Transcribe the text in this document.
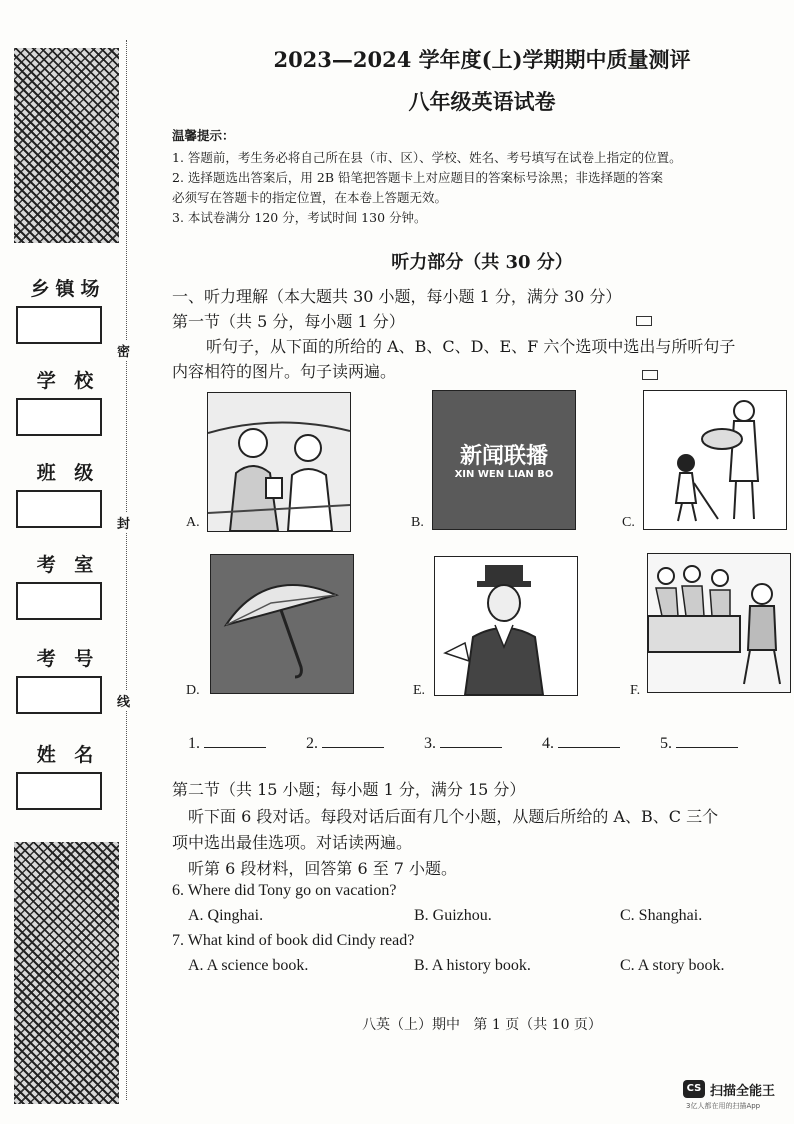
乡镇场
学 校
班 级
考 室
考 号
姓 名
密
封
线
2023—2024 学年度(上)学期期中质量测评
八年级英语试卷
温馨提示：
1. 答题前，考生务必将自己所在县（市、区）、学校、姓名、考号填写在试卷上指定的位置。
2. 选择题选出答案后，用 2B 铅笔把答题卡上对应题目的答案标号涂黑；非选择题的答案
必须写在答题卡的指定位置，在本卷上答题无效。
3. 本试卷满分 120 分，考试时间 130 分钟。
听力部分（共 30 分）
一、听力理解（本大题共 30 小题，每小题 1 分，满分 30 分）
第一节（共 5 分，每小题 1 分）
听句子，从下面的所给的 A、B、C、D、E、F 六个选项中选出与所听句子
内容相符的图片。句子读两遍。
A.	B.
新闻联播
XIN WEN LIAN BO
C.
D.	E.	F.
1.	2.	3.	4.	5.
第二节（共 15 小题；每小题 1 分，满分 15 分）
听下面 6 段对话。每段对话后面有几个小题，从题后所给的 A、B、C 三个
项中选出最佳选项。对话读两遍。
听第 6 段材料，回答第 6 至 7 小题。
6. Where did Tony go on vacation?
A. Qinghai.	B. Guizhou.	C. Shanghai.
7. What kind of book did Cindy read?
A. A science book.	B. A history book.	C. A story book.
八英（上）期中   第 1 页（共 10 页）
CS 扫描全能王
3亿人都在用的扫描App
